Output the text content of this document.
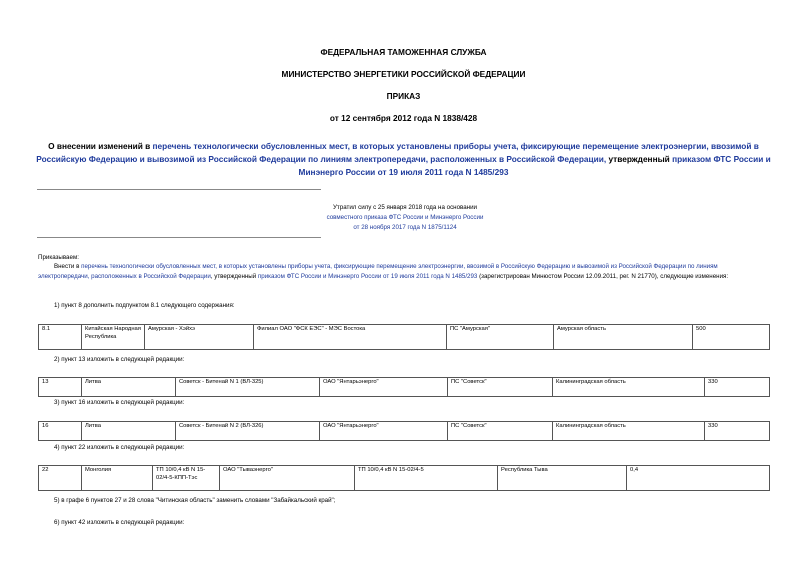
ФЕДЕРАЛЬНАЯ ТАМОЖЕННАЯ СЛУЖБА
МИНИСТЕРСТВО ЭНЕРГЕТИКИ РОССИЙСКОЙ ФЕДЕРАЦИИ
ПРИКАЗ
от 12 сентября 2012 года N 1838/428
О внесении изменений в перечень технологически обусловленных мест, в которых установлены приборы учета, фиксирующие перемещение электроэнергии, ввозимой в Российскую Федерацию и вывозимой из Российской Федерации по линиям электропередачи, расположенных в Российской Федерации, утвержденный приказом ФТС России и Минэнерго России от 19 июля 2011 года N 1485/293
Утратил силу с 25 января 2018 года на основании
совместного приказа ФТС России и Минэнерго России
от 28 ноября 2017 года N 1875/1124
Приказываем:
Внести в перечень технологически обусловленных мест, в которых установлены приборы учета, фиксирующие перемещение электроэнергии, ввозимой в Российскую Федерацию и вывозимой из Российской Федерации по линиям электропередачи, расположенных в Российской Федерации, утвержденный приказом ФТС России и Минэнерго России от 19 июля 2011 года N 1485/293 (зарегистрирован Минюстом России 12.09.2011, рег. N 21770), следующие изменения:
1) пункт 8 дополнить подпунктом 8.1 следующего содержания:
8.1	Китайская Народная Республика	Амурская - Хэйхэ	Филиал ОАО "ФСК ЕЭС" - МЭС Востока	ПС "Амурская"	Амурская область	500
2) пункт 13 изложить в следующей редакции:
13	Литва	Советск - Битенай N 1 (ВЛ-325)	ОАО "Янтарьэнерго"	ПС "Советск"	Калининградская область	330
3) пункт 16 изложить в следующей редакции:
16	Литва	Советск - Битенай N 2 (ВЛ-326)	ОАО "Янтарьэнерго"	ПС "Советск"	Калининградская область	330
4) пункт 22 изложить в следующей редакции:
22	Монголия	ТП 10/0,4 кВ N 15-02/4-5-КПП-Тэс	ОАО "Тываэнерго"	ТП 10/0,4 кВ N 15-02/4-5	Республика Тыва	0,4
5) в графе 6 пунктов 27 и 28 слова "Читинская область" заменить словами "Забайкальский край";
6) пункт 42 изложить в следующей редакции:
